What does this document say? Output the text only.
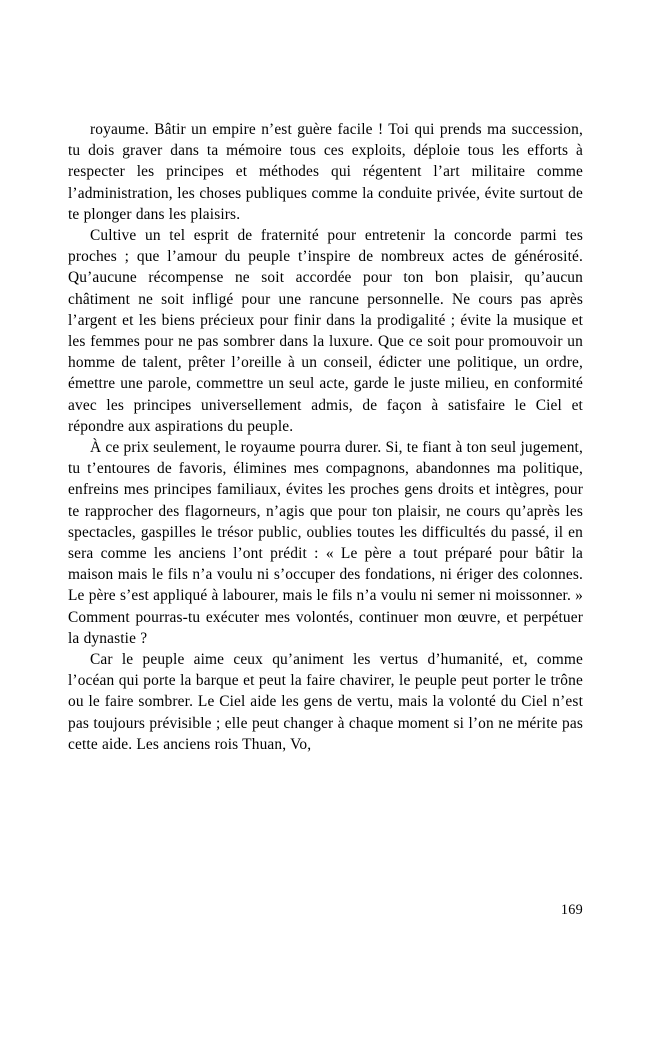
royaume. Bâtir un empire n’est guère facile ! Toi qui prends ma succession, tu dois graver dans ta mémoire tous ces exploits, déploie tous les efforts à respecter les principes et méthodes qui régentent l’art militaire comme l’administration, les choses publiques comme la conduite privée, évite surtout de te plonger dans les plaisirs.

Cultive un tel esprit de fraternité pour entretenir la concorde parmi tes proches ; que l’amour du peuple t’inspire de nombreux actes de générosité. Qu’aucune récompense ne soit accordée pour ton bon plaisir, qu’aucun châtiment ne soit infligé pour une rancune personnelle. Ne cours pas après l’argent et les biens précieux pour finir dans la prodigalité ; évite la musique et les femmes pour ne pas sombrer dans la luxure. Que ce soit pour promouvoir un homme de talent, prêter l’oreille à un conseil, édicter une politique, un ordre, émettre une parole, commettre un seul acte, garde le juste milieu, en conformité avec les principes universellement admis, de façon à satisfaire le Ciel et répondre aux aspirations du peuple.

À ce prix seulement, le royaume pourra durer. Si, te fiant à ton seul jugement, tu t’entoures de favoris, élimines mes compagnons, abandonnes ma politique, enfreins mes principes familiaux, évites les proches gens droits et intègres, pour te rapprocher des flagorneurs, n’agis que pour ton plaisir, ne cours qu’après les spectacles, gaspilles le trésor public, oublies toutes les difficultés du passé, il en sera comme les anciens l’ont prédit : « Le père a tout préparé pour bâtir la maison mais le fils n’a voulu ni s’occuper des fondations, ni ériger des colonnes. Le père s’est appliqué à labourer, mais le fils n’a voulu ni semer ni moissonner. » Comment pourras-tu exécuter mes volontés, continuer mon œuvre, et perpétuer la dynastie ?

Car le peuple aime ceux qu’animent les vertus d’humanité, et, comme l’océan qui porte la barque et peut la faire chavirer, le peuple peut porter le trône ou le faire sombrer. Le Ciel aide les gens de vertu, mais la volonté du Ciel n’est pas toujours prévisible ; elle peut changer à chaque moment si l’on ne mérite pas cette aide. Les anciens rois Thuan, Vo,

169
